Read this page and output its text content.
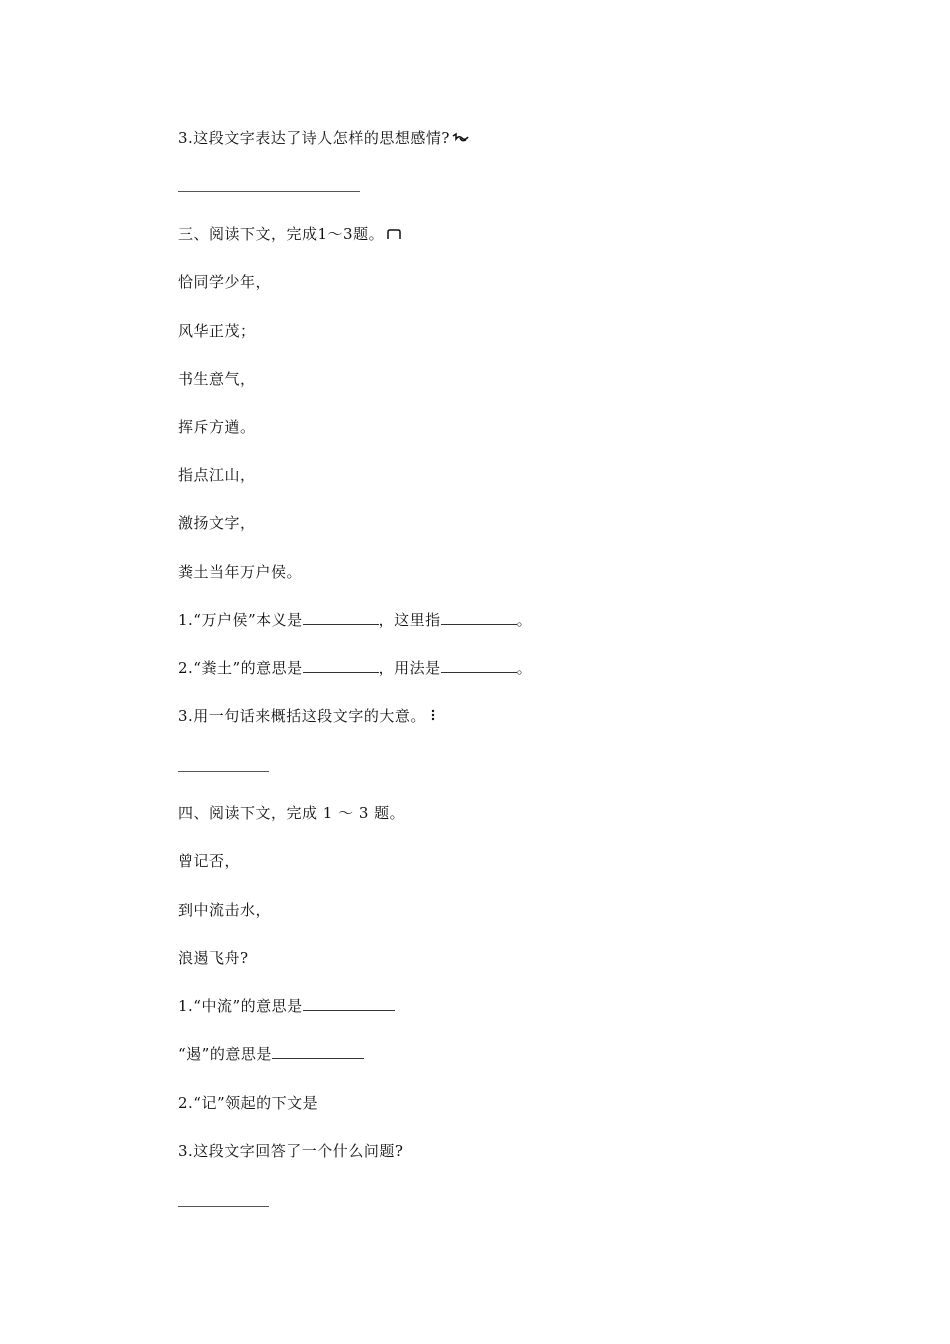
3.这段文字表达了诗人怎样的思想感情?
三、阅读下文，完成1～3题。
恰同学少年，
风华正茂；
书生意气，
挥斥方遒。
指点江山，
激扬文字，
粪土当年万户侯。
1.“万户侯”本义是	，这里指	。
2.“粪土”的意思是	，用法是	。
3.用一句话来概括这段文字的大意。
四、阅读下文，完成 1 ～ 3 题。
曾记否，
到中流击水，
浪遏飞舟?
1.“中流”的意思是
“遏”的意思是
2.“记”领起的下文是
3.这段文字回答了一个什么问题?
